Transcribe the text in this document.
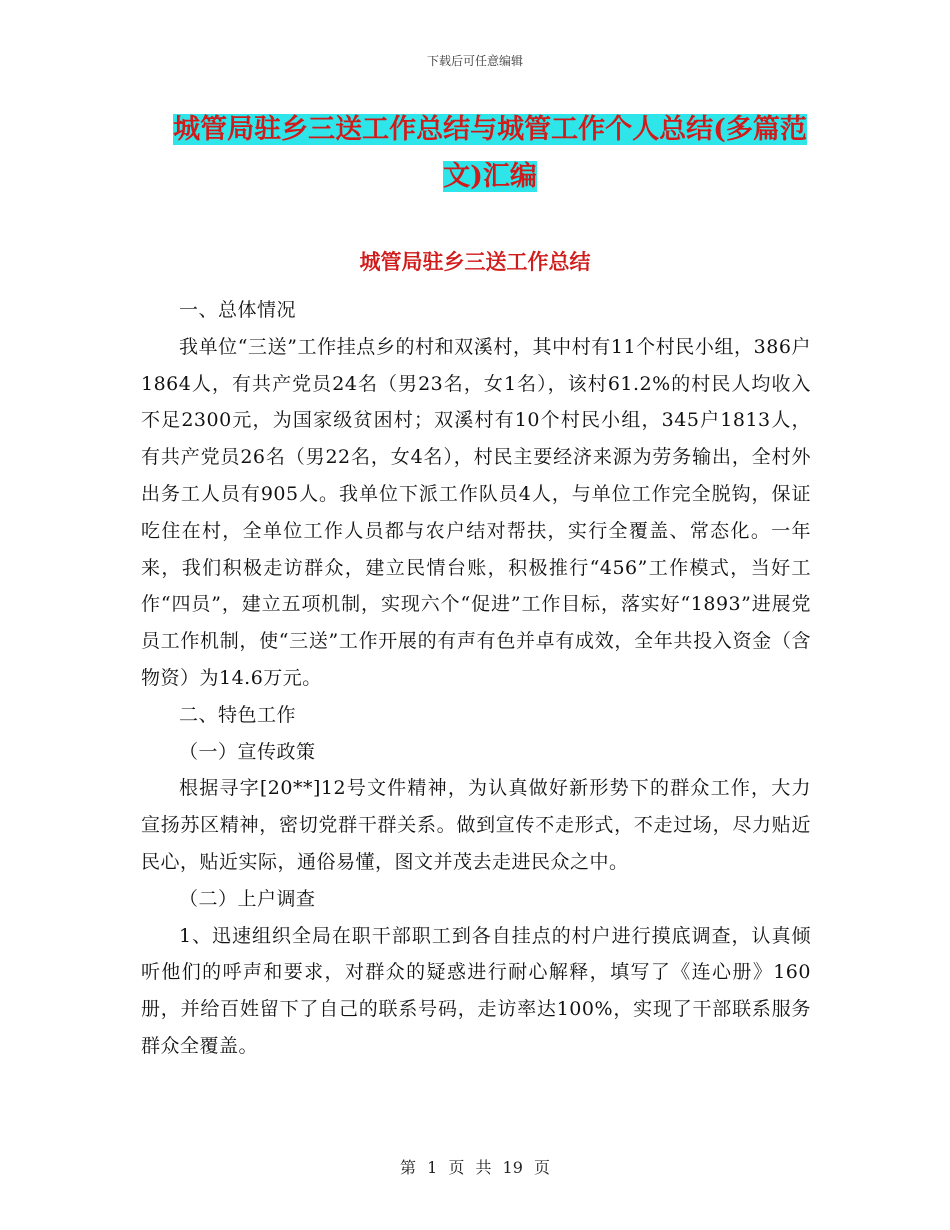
下载后可任意编辑
城管局驻乡三送工作总结与城管工作个人总结(多篇范
文)汇编
城管局驻乡三送工作总结

一、总体情况

我单位“三送”工作挂点乡的村和双溪村，其中村有11个村民小组，386户1864人，有共产党员24名（男23名，女1名），该村61.2%的村民人均收入不足2300元，为国家级贫困村；双溪村有10个村民小组，345户1813人，有共产党员26名（男22名，女4名），村民主要经济来源为劳务输出，全村外出务工人员有905人。我单位下派工作队员4人，与单位工作完全脱钩，保证吃住在村，全单位工作人员都与农户结对帮扶，实行全覆盖、常态化。一年来，我们积极走访群众，建立民情台账，积极推行“456”工作模式，当好工作“四员”，建立五项机制，实现六个“促进”工作目标，落实好“1893”进展党员工作机制，使“三送”工作开展的有声有色并卓有成效，全年共投入资金（含物资）为14.6万元。

二、特色工作

（一）宣传政策

根据寻字[20**]12号文件精神，为认真做好新形势下的群众工作，大力宣扬苏区精神，密切党群干群关系。做到宣传不走形式，不走过场，尽力贴近民心，贴近实际，通俗易懂，图文并茂去走进民众之中。

（二）上户调查

1、迅速组织全局在职干部职工到各自挂点的村户进行摸底调查，认真倾听他们的呼声和要求，对群众的疑惑进行耐心解释，填写了《连心册》160册，并给百姓留下了自己的联系号码，走访率达100%，实现了干部联系服务群众全覆盖。

第 1 页 共 19 页
